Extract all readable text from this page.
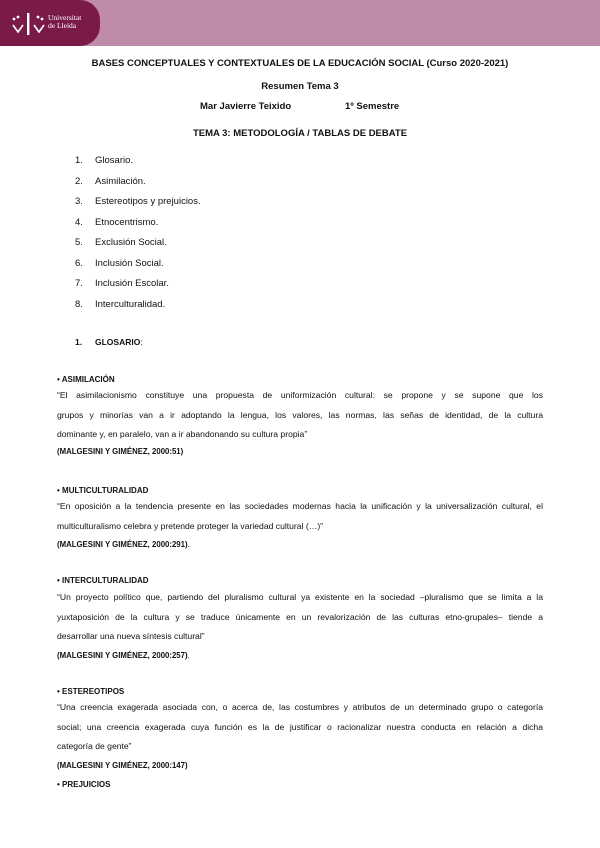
Universitat
de Lleida
BASES CONCEPTUALES Y CONTEXTUALES DE LA EDUCACIÓN SOCIAL (Curso 2020-2021)
Resumen Tema 3
Mar Javierre Teixido	1º Semestre
TEMA 3: METODOLOGÍA / TABLAS DE DEBATE
1.	Glosario.
2.	Asimilación.
3.	Estereotipos y prejuicios.
4.	Etnocentrismo.
5.	Exclusión Social.
6.	Inclusión Social.
7.	Inclusión Escolar.
8.	Interculturalidad.
1. GLOSARIO:
• ASIMILACIÓN
“El asimilacionismo constituye una propuesta de uniformización cultural: se propone y se supone que los
grupos y minorías van a ir adoptando la lengua, los valores, las normas, las señas de identidad, de la cultura
dominante y, en paralelo, van a ir abandonando su cultura propia”
(MALGESINI Y GIMÉNEZ, 2000:51)
• MULTICULTURALIDAD
“En oposición a la tendencia presente en las sociedades modernas hacia la unificación y la universalización cultural, el
multiculturalismo celebra y pretende proteger la variedad cultural (…)”
(MALGESINI Y GIMÉNEZ, 2000:291).
• INTERCULTURALIDAD
“Un proyecto político que, partiendo del pluralismo cultural ya existente en la sociedad –pluralismo que se limita a la
yuxtaposición de la cultura y se traduce únicamente en un revalorización de las culturas etno-grupales– tiende a
desarrollar una nueva síntesis cultural”
(MALGESINI Y GIMÉNEZ, 2000:257).
• ESTEREOTIPOS
“Una creencia exagerada asociada con, o acerca de, las costumbres y atributos de un determinado grupo o categoría
social; una creencia exagerada cuya función es la de justificar o racionalizar nuestra conducta en relación a dicha
categoría de gente”
(MALGESINI Y GIMÉNEZ, 2000:147)
• PREJUICIOS
